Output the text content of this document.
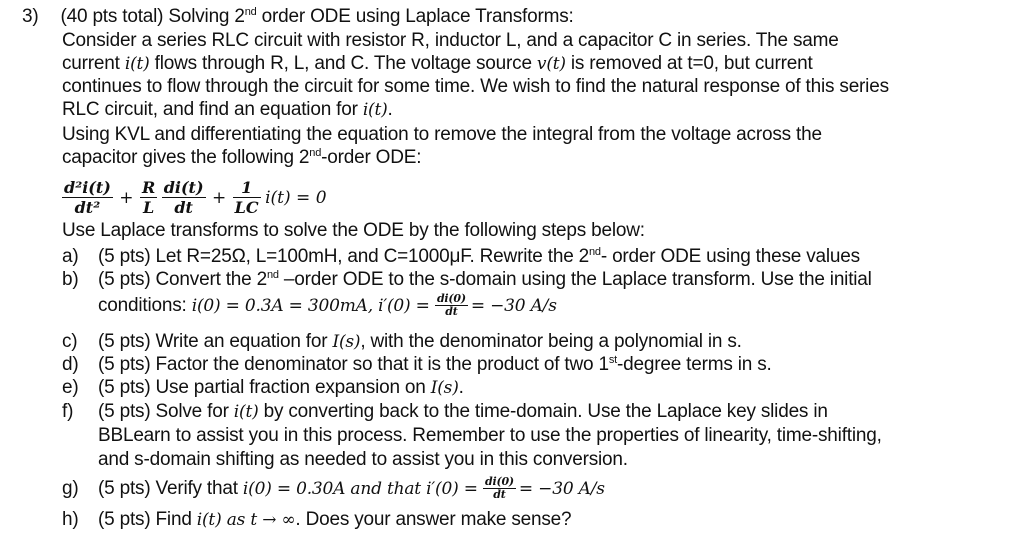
3) (40 pts total) Solving 2nd order ODE using Laplace Transforms:
Consider a series RLC circuit with resistor R, inductor L, and a capacitor C in series. The same
current i(t) flows through R, L, and C. The voltage source v(t) is removed at t=0, but current
continues to flow through the circuit for some time. We wish to find the natural response of this series
RLC circuit, and find an equation for i(t).
Using KVL and differentiating the equation to remove the integral from the voltage across the
capacitor gives the following 2nd-order ODE:
$\frac{\text{d²i(t)}}{\text{dt²}} + \frac{R}{L}$
$\frac{di(t)}{dt} + \frac{1}{LC} i(t) = 0$
Use Laplace transforms to solve the ODE by the following steps below:
a) (5 pts) Let R=25Ω, L=100mH, and C=1000μF. Rewrite the 2nd- order ODE using these values
b) (5 pts) Convert the 2nd –order ODE to the s-domain using the Laplace transform. Use the initial
conditions: i(0) = 0.3A = 300mA, $i'(0) = \frac{di(0)}{dt} = -30$ A/s
c) (5 pts) Write an equation for I(s), with the denominator being a polynomial in s.
d) (5 pts) Factor the denominator so that it is the product of two 1st-degree terms in s.
e) (5 pts) Use partial fraction expansion on I(s).
f) (5 pts) Solve for i(t) by converting back to the time-domain. Use the Laplace key slides in
BBLearn to assist you in this process. Remember to use the properties of linearity, time-shifting,
and s-domain shifting as needed to assist you in this conversion.
g) (5 pts) Verify that i(0) = 0.30A and that $i'(0) = \frac{di(0)}{dt} = -30$ A/s
h) (5 pts) Find i(t) as t → ∞. Does your answer make sense?
